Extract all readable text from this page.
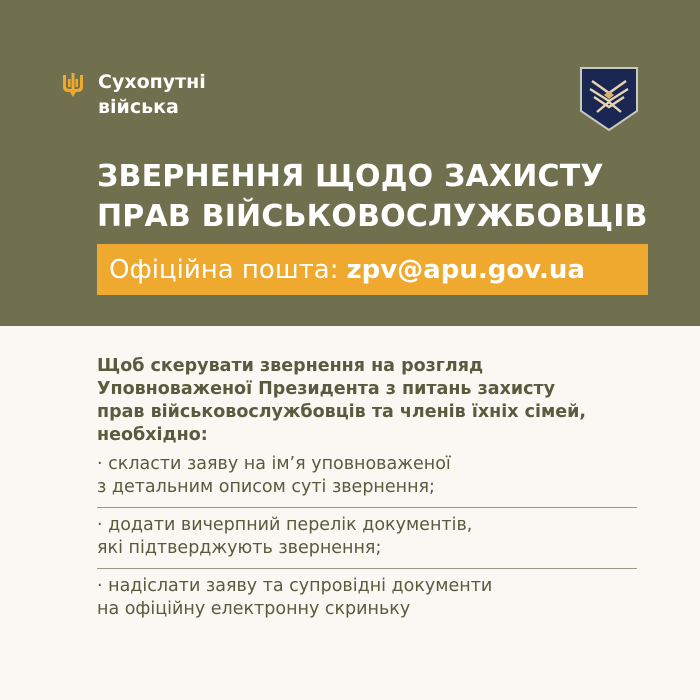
Сухопутні
війська
ЗВЕРНЕННЯ ЩОДО ЗАХИСТУ
ПРАВ ВІЙСЬКОВОСЛУЖБОВЦІВ
Офіційна пошта: zpv@apu.gov.ua
Щоб скерувати звернення на розгляд
Уповноваженої Президента з питань захисту
прав військовослужбовців та членів їхніх сімей,
необхідно:
· скласти заяву на ім’я уповноваженої
з детальним описом суті звернення;
· додати вичерпний перелік документів,
які підтверджують звернення;
· надіслати заяву та супровідні документи
на офіційну електронну скриньку
